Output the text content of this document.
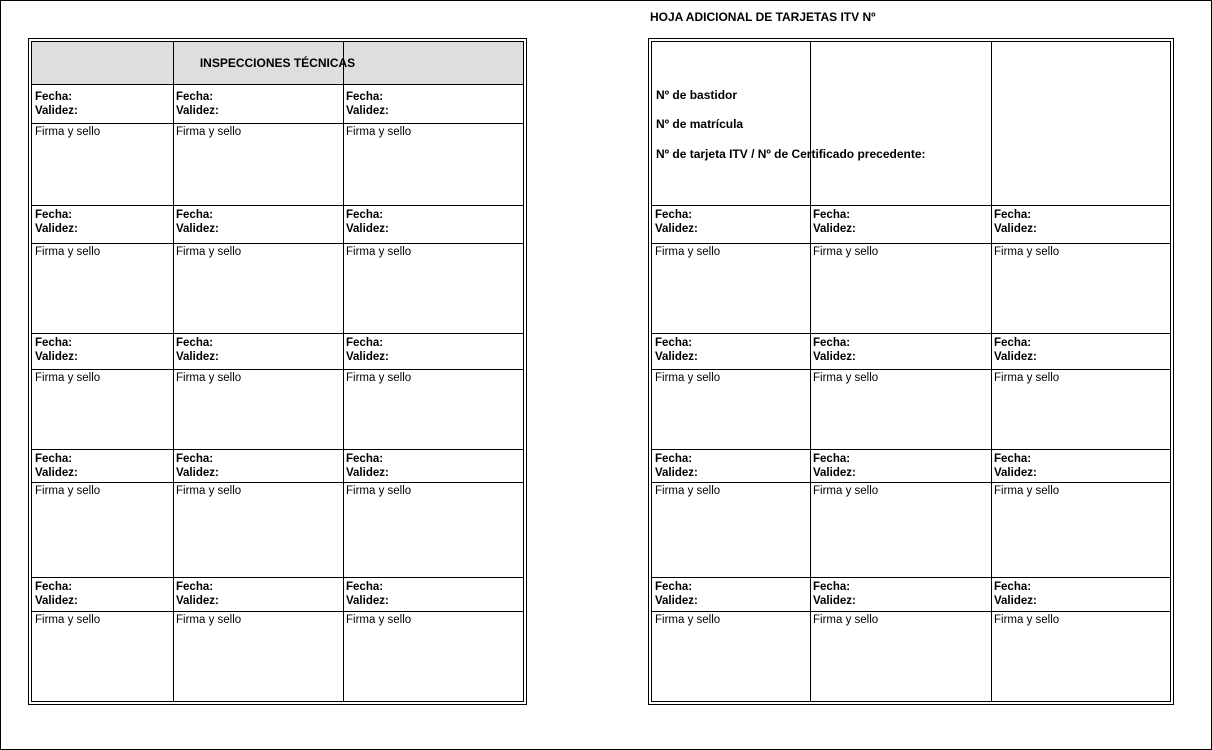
HOJA ADICIONAL DE TARJETAS ITV Nº
INSPECCIONES TÉCNICAS
Fecha:
Validez:
Firma y sello
Fecha:
Validez:
Firma y sello
Fecha:
Validez:
Firma y sello
Fecha:
Validez:
Firma y sello
Fecha:
Validez:
Firma y sello
Fecha:
Validez:
Firma y sello
Fecha:
Validez:
Firma y sello
Fecha:
Validez:
Firma y sello
Fecha:
Validez:
Firma y sello
Fecha:
Validez:
Firma y sello
Fecha:
Validez:
Firma y sello
Fecha:
Validez:
Firma y sello
Fecha:
Validez:
Firma y sello
Fecha:
Validez:
Firma y sello
Fecha:
Validez:
Firma y sello
Nº de bastidor
Nº de matrícula
Nº de tarjeta ITV / Nº de Certificado precedente:
Fecha:
Validez:
Firma y sello
Fecha:
Validez:
Firma y sello
Fecha:
Validez:
Firma y sello
Fecha:
Validez:
Firma y sello
Fecha:
Validez:
Firma y sello
Fecha:
Validez:
Firma y sello
Fecha:
Validez:
Firma y sello
Fecha:
Validez:
Firma y sello
Fecha:
Validez:
Firma y sello
Fecha:
Validez:
Firma y sello
Fecha:
Validez:
Firma y sello
Fecha:
Validez:
Firma y sello
